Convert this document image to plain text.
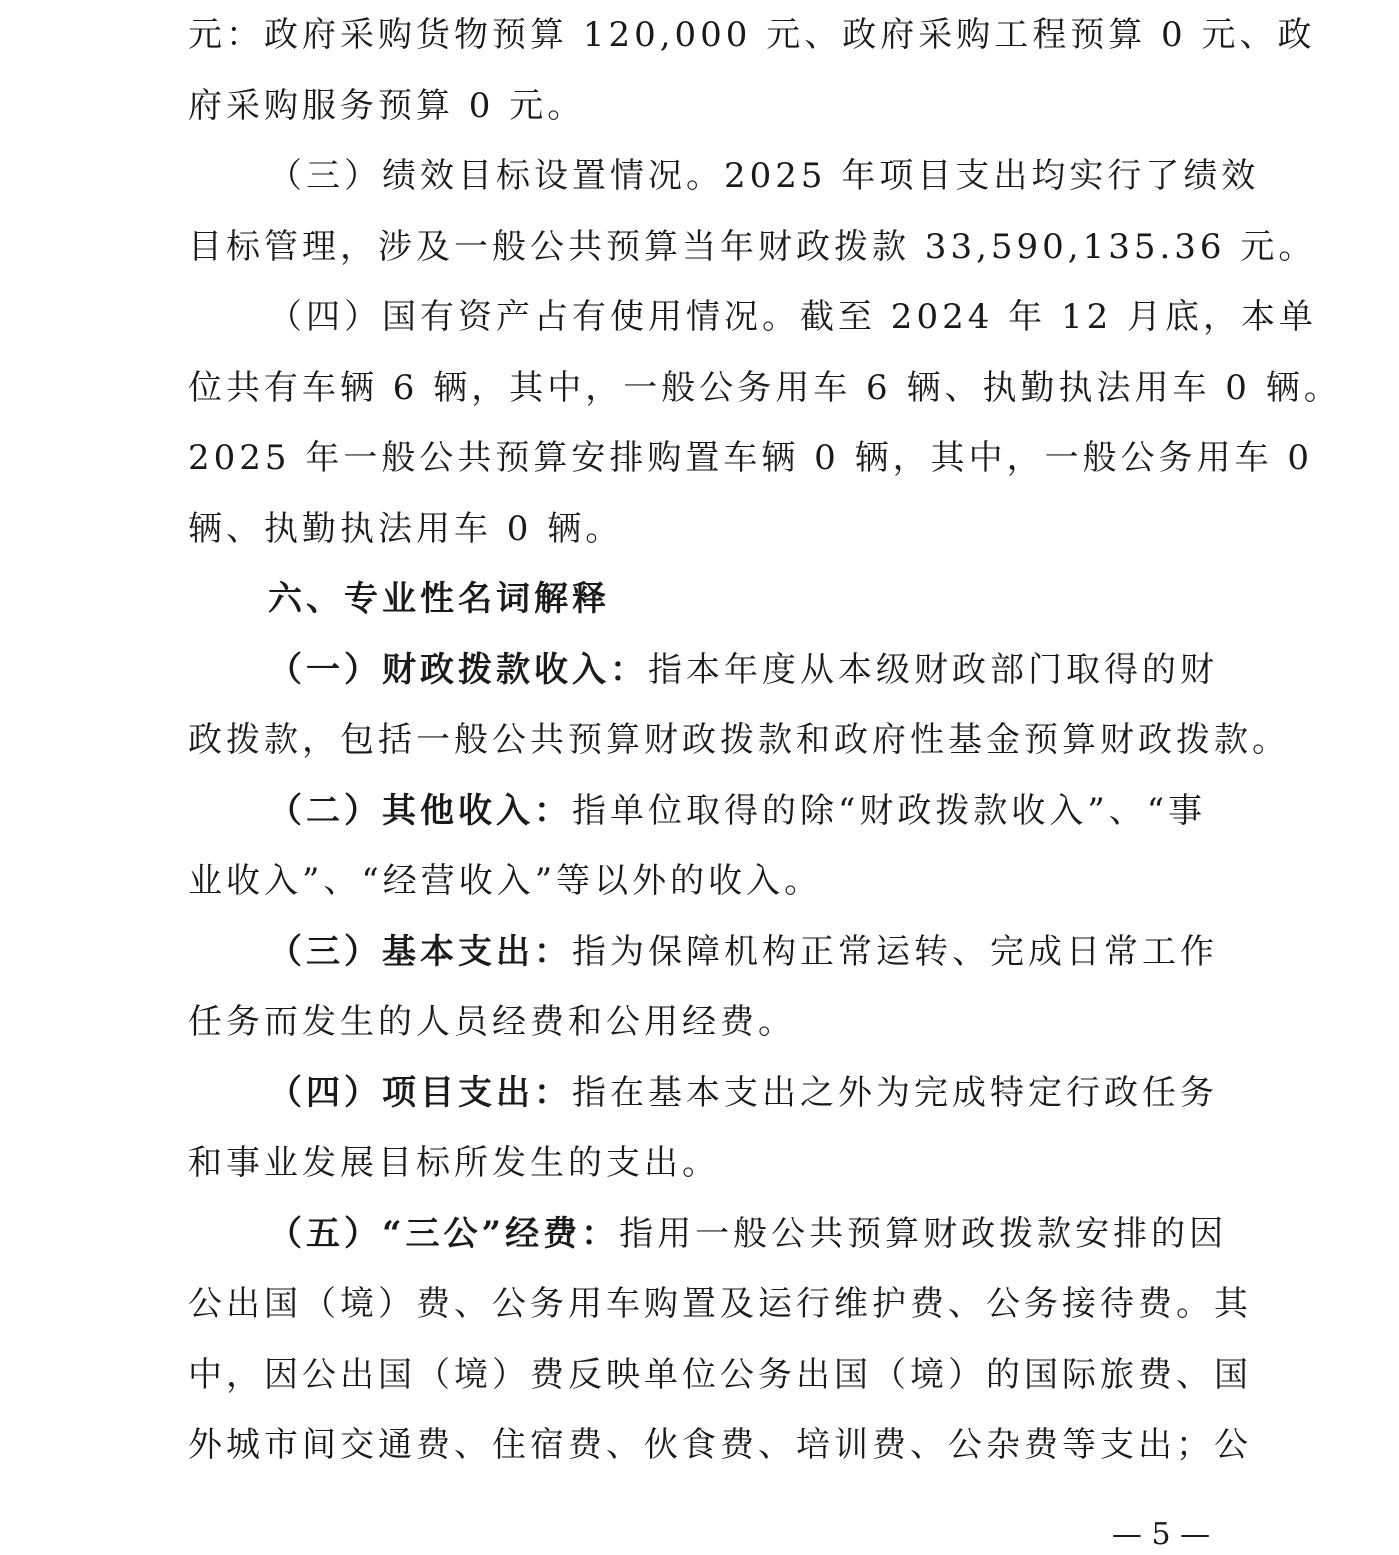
元：政府采购货物预算 120,000 元、政府采购工程预算 0 元、政
府采购服务预算 0 元。
（三）绩效目标设置情况。2025 年项目支出均实行了绩效
目标管理，涉及一般公共预算当年财政拨款 33,590,135.36 元。
（四）国有资产占有使用情况。截至 2024 年 12 月底，本单
位共有车辆 6 辆，其中，一般公务用车 6 辆、执勤执法用车 0 辆。
2025 年一般公共预算安排购置车辆 0 辆，其中，一般公务用车 0
辆、执勤执法用车 0 辆。
六、专业性名词解释
（一）财政拨款收入：指本年度从本级财政部门取得的财
政拨款，包括一般公共预算财政拨款和政府性基金预算财政拨款。
（二）其他收入：指单位取得的除“财政拨款收入”、“事
业收入”、“经营收入”等以外的收入。
（三）基本支出：指为保障机构正常运转、完成日常工作
任务而发生的人员经费和公用经费。
（四）项目支出：指在基本支出之外为完成特定行政任务
和事业发展目标所发生的支出。
（五）“三公”经费：指用一般公共预算财政拨款安排的因
公出国（境）费、公务用车购置及运行维护费、公务接待费。其
中，因公出国（境）费反映单位公务出国（境）的国际旅费、国
外城市间交通费、住宿费、伙食费、培训费、公杂费等支出；公
— 5 —
